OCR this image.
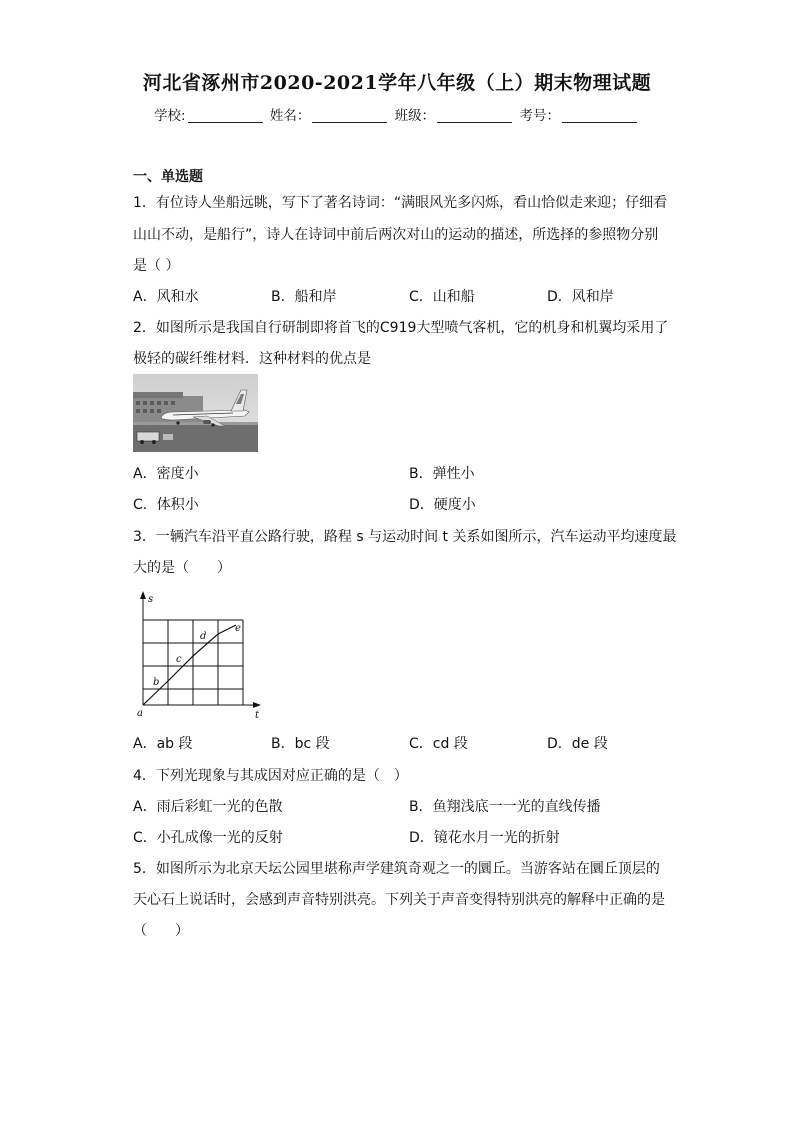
河北省涿州市2020-2021学年八年级（上）期末物理试题
学校:	姓名：	班级：	考号：
一、单选题
1．有位诗人坐船远眺，写下了著名诗词：“满眼风光多闪烁，看山恰似走来迎；仔细看
山山不动，是船行”，诗人在诗词中前后两次对山的运动的描述，所选择的参照物分别
是（ ）
A．风和水	B．船和岸	C．山和船	D．风和岸
2．如图所示是我国自行研制即将首飞的C919大型喷气客机，它的机身和机翼均采用了
极轻的碳纤维材料．这种材料的优点是
A．密度小	B．弹性小
C．体积小	D．硬度小
3．一辆汽车沿平直公路行驶，路程 s 与运动时间 t 关系如图所示，汽车运动平均速度最
大的是（　　）
s
t
a
b
c
d
e
A．ab 段	B．bc 段	C．cd 段	D．de 段
4．下列光现象与其成因对应正确的是（　）
A．雨后彩虹一光的色散	B．鱼翔浅底一一光的直线传播
C．小孔成像一光的反射	D．镜花水月一光的折射
5．如图所示为北京天坛公园里堪称声学建筑奇观之一的圜丘。当游客站在圜丘顶层的
天心石上说话时，会感到声音特别洪亮。下列关于声音变得特别洪亮的解释中正确的是
（　　）
